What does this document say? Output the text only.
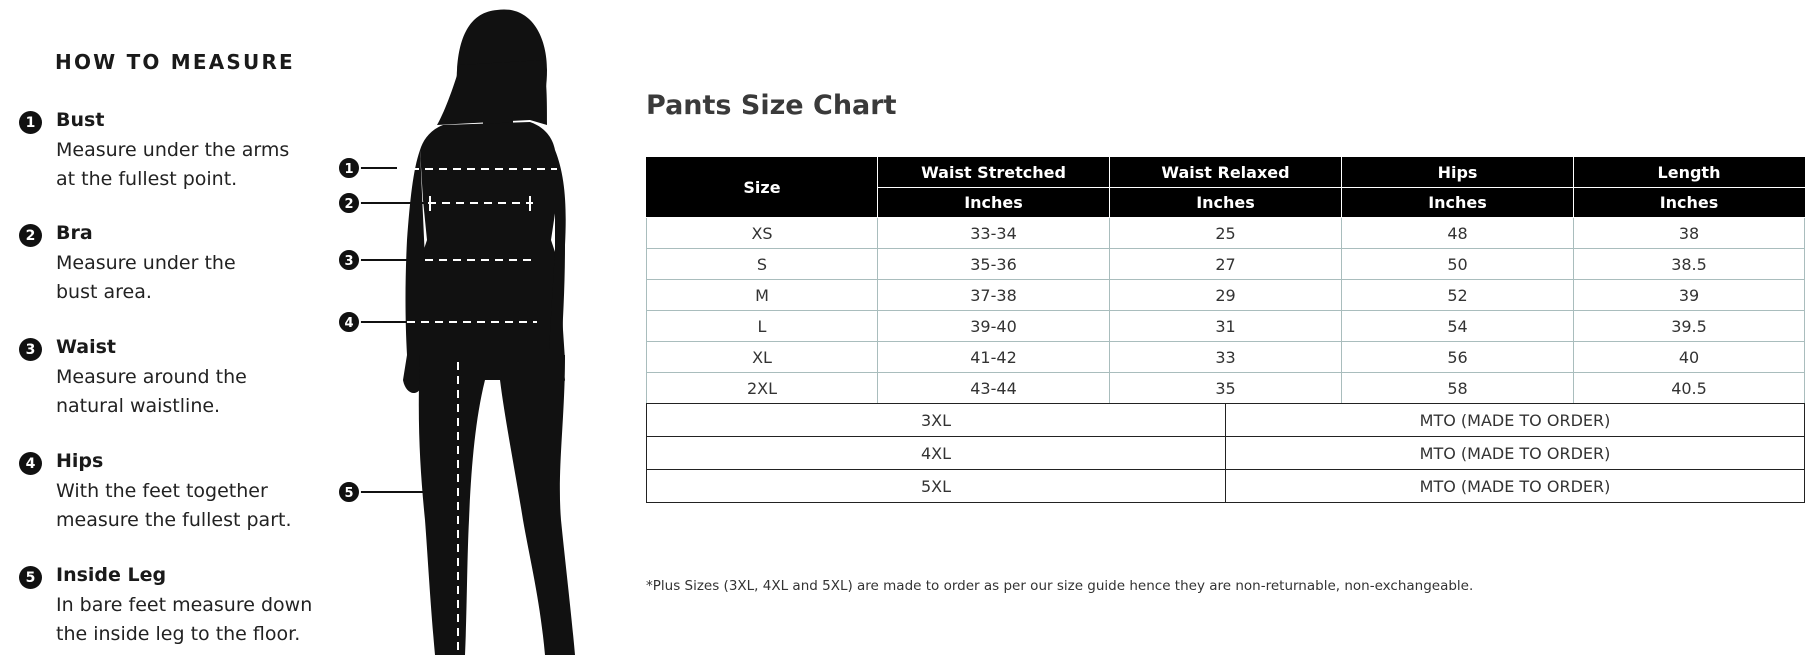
HOW TO MEASURE
1	Bust

Measure under the arms
at the fullest point.

2	Bra

Measure under the
bust area.

3	Waist

Measure around the
natural waistline.

4	Hips

With the feet together
measure the fullest part.

5	Inside Leg

In bare feet measure down
the inside leg to the floor.

1
2
3
4
5
Pants Size Chart
Size	Waist Stretched	Waist Relaxed	Hips	Length
	Inches	Inches	Inches	Inches
XS	33-34	25	48	38
S	35-36	27	50	38.5
M	37-38	29	52	39
L	39-40	31	54	39.5
XL	41-42	33	56	40
2XL	43-44	35	58	40.5
3XL	MTO (MADE TO ORDER)
4XL	MTO (MADE TO ORDER)
5XL	MTO (MADE TO ORDER)

*Plus Sizes (3XL, 4XL and 5XL) are made to order as per our size guide hence they are non-returnable, non-exchangeable.
